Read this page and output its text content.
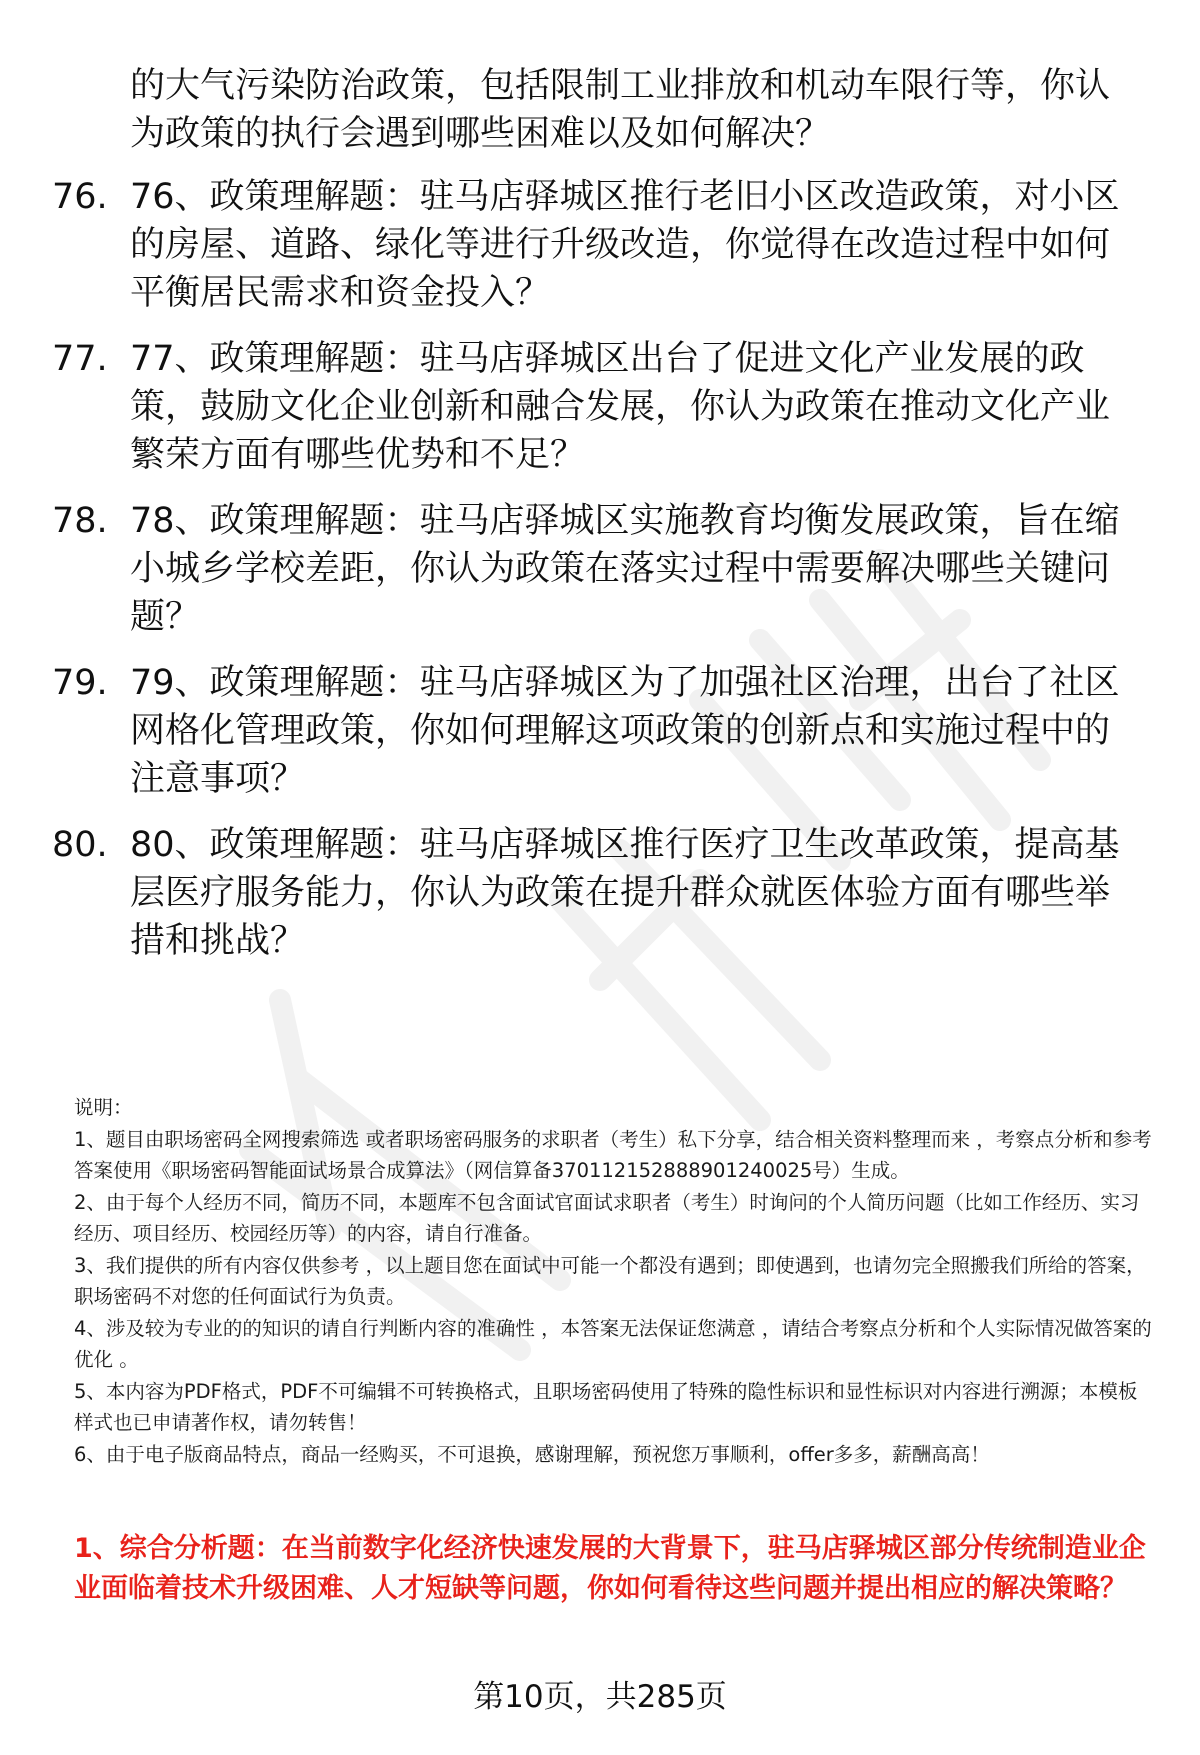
的大气污染防治政策，包括限制工业排放和机动车限行等，你认为政策的执行会遇到哪些困难以及如何解决？

76. 76、政策理解题：驻马店驿城区推行老旧小区改造政策，对小区的房屋、道路、绿化等进行升级改造，你觉得在改造过程中如何平衡居民需求和资金投入？

77. 77、政策理解题：驻马店驿城区出台了促进文化产业发展的政策，鼓励文化企业创新和融合发展，你认为政策在推动文化产业繁荣方面有哪些优势和不足？

78. 78、政策理解题：驻马店驿城区实施教育均衡发展政策，旨在缩小城乡学校差距，你认为政策在落实过程中需要解决哪些关键问题？

79. 79、政策理解题：驻马店驿城区为了加强社区治理，出台了社区网格化管理政策，你如何理解这项政策的创新点和实施过程中的注意事项？

80. 80、政策理解题：驻马店驿城区推行医疗卫生改革政策，提高基层医疗服务能力，你认为政策在提升群众就医体验方面有哪些举措和挑战？

说明：

1、题目由职场密码全网搜索筛选 或者职场密码服务的求职者（考生）私下分享，结合相关资料整理而来 ，考察点分析和参考答案使用《职场密码智能面试场景合成算法》（网信算备370112152888901240025号）生成。

2、由于每个人经历不同，简历不同，本题库不包含面试官面试求职者（考生）时询问的个人简历问题（比如工作经历、实习经历、项目经历、校园经历等）的内容，请自行准备。

3、我们提供的所有内容仅供参考 ，以上题目您在面试中可能一个都没有遇到；即使遇到，也请勿完全照搬我们所给的答案，职场密码不对您的任何面试行为负责。

4、涉及较为专业的的知识的请自行判断内容的准确性 ，本答案无法保证您满意 ，请结合考察点分析和个人实际情况做答案的优化 。

5、本内容为PDF格式，PDF不可编辑不可转换格式，且职场密码使用了特殊的隐性标识和显性标识对内容进行溯源；本模板样式也已申请著作权，请勿转售！

6、由于电子版商品特点，商品一经购买，不可退换，感谢理解，预祝您万事顺利，offer多多，薪酬高高！

1、综合分析题：在当前数字化经济快速发展的大背景下，驻马店驿城区部分传统制造业企业面临着技术升级困难、人才短缺等问题，你如何看待这些问题并提出相应的解决策略？

第10页，共285页
